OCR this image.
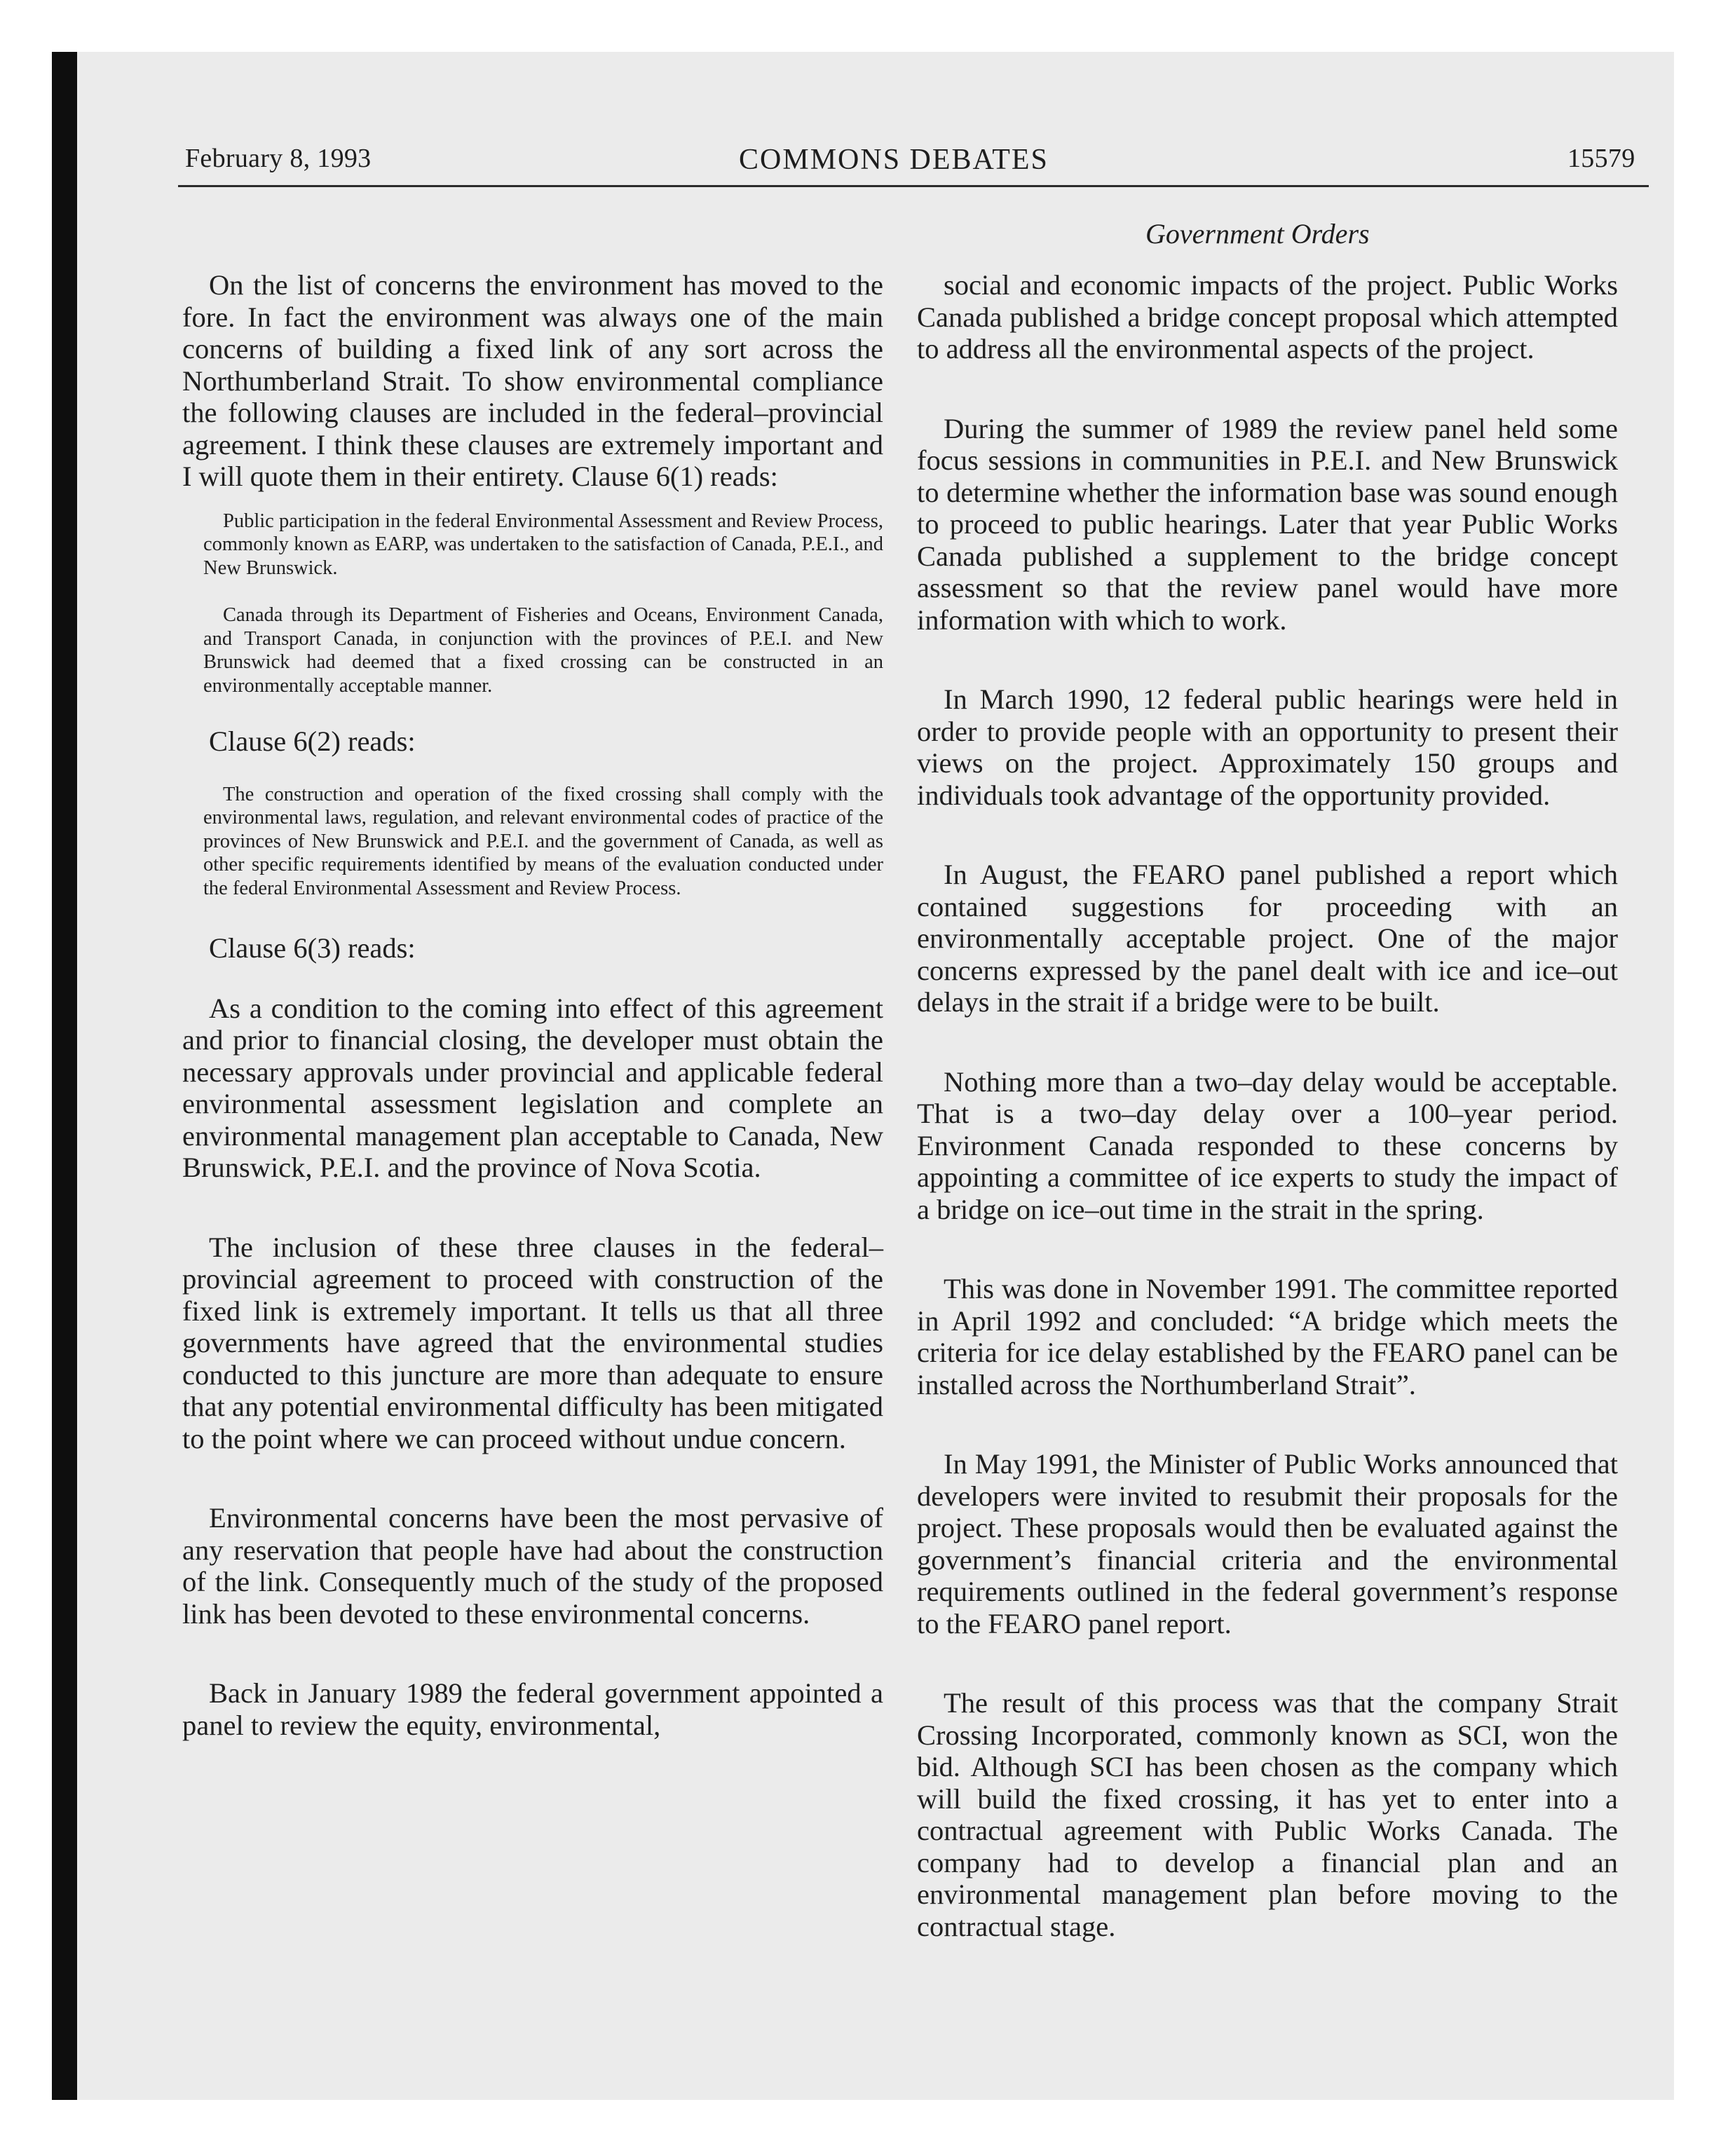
February 8, 1993	COMMONS DEBATES	15579
Government Orders

On the list of concerns the environment has moved to the fore. In fact the environment was always one of the main concerns of building a fixed link of any sort across the Northumberland Strait. To show environmental compliance the following clauses are included in the federal–provincial agreement. I think these clauses are extremely important and I will quote them in their entirety. Clause 6(1) reads:

Public participation in the federal Environmental Assessment and Review Process, commonly known as EARP, was undertaken to the satisfaction of Canada, P.E.I., and New Brunswick.

Canada through its Department of Fisheries and Oceans, Environment Canada, and Transport Canada, in conjunction with the provinces of P.E.I. and New Brunswick had deemed that a fixed crossing can be constructed in an environmentally acceptable manner.

Clause 6(2) reads:

The construction and operation of the fixed crossing shall comply with the environmental laws, regulation, and relevant environmental codes of practice of the provinces of New Brunswick and P.E.I. and the government of Canada, as well as other specific requirements identified by means of the evaluation conducted under the federal Environmental Assessment and Review Process.

Clause 6(3) reads:

As a condition to the coming into effect of this agreement and prior to financial closing, the developer must obtain the necessary approvals under provincial and applicable federal environmental assessment legislation and complete an environmental management plan acceptable to Canada, New Brunswick, P.E.I. and the province of Nova Scotia.

The inclusion of these three clauses in the federal–provincial agreement to proceed with construction of the fixed link is extremely important. It tells us that all three governments have agreed that the environmental studies conducted to this juncture are more than adequate to ensure that any potential environmental difficulty has been mitigated to the point where we can proceed without undue concern.

Environmental concerns have been the most pervasive of any reservation that people have had about the construction of the link. Consequently much of the study of the proposed link has been devoted to these environmental concerns.

Back in January 1989 the federal government appointed a panel to review the equity, environmental,

social and economic impacts of the project. Public Works Canada published a bridge concept proposal which attempted to address all the environmental aspects of the project.

During the summer of 1989 the review panel held some focus sessions in communities in P.E.I. and New Brunswick to determine whether the information base was sound enough to proceed to public hearings. Later that year Public Works Canada published a supplement to the bridge concept assessment so that the review panel would have more information with which to work.

In March 1990, 12 federal public hearings were held in order to provide people with an opportunity to present their views on the project. Approximately 150 groups and individuals took advantage of the opportunity provided.

In August, the FEARO panel published a report which contained suggestions for proceeding with an environmentally acceptable project. One of the major concerns expressed by the panel dealt with ice and ice–out delays in the strait if a bridge were to be built.

Nothing more than a two–day delay would be acceptable. That is a two–day delay over a 100–year period. Environment Canada responded to these concerns by appointing a committee of ice experts to study the impact of a bridge on ice–out time in the strait in the spring.

This was done in November 1991. The committee reported in April 1992 and concluded: “A bridge which meets the criteria for ice delay established by the FEARO panel can be installed across the Northumberland Strait”.

In May 1991, the Minister of Public Works announced that developers were invited to resubmit their proposals for the project. These proposals would then be evaluated against the government’s financial criteria and the environmental requirements outlined in the federal government’s response to the FEARO panel report.

The result of this process was that the company Strait Crossing Incorporated, commonly known as SCI, won the bid. Although SCI has been chosen as the company which will build the fixed crossing, it has yet to enter into a contractual agreement with Public Works Canada. The company had to develop a financial plan and an environmental management plan before moving to the contractual stage.
